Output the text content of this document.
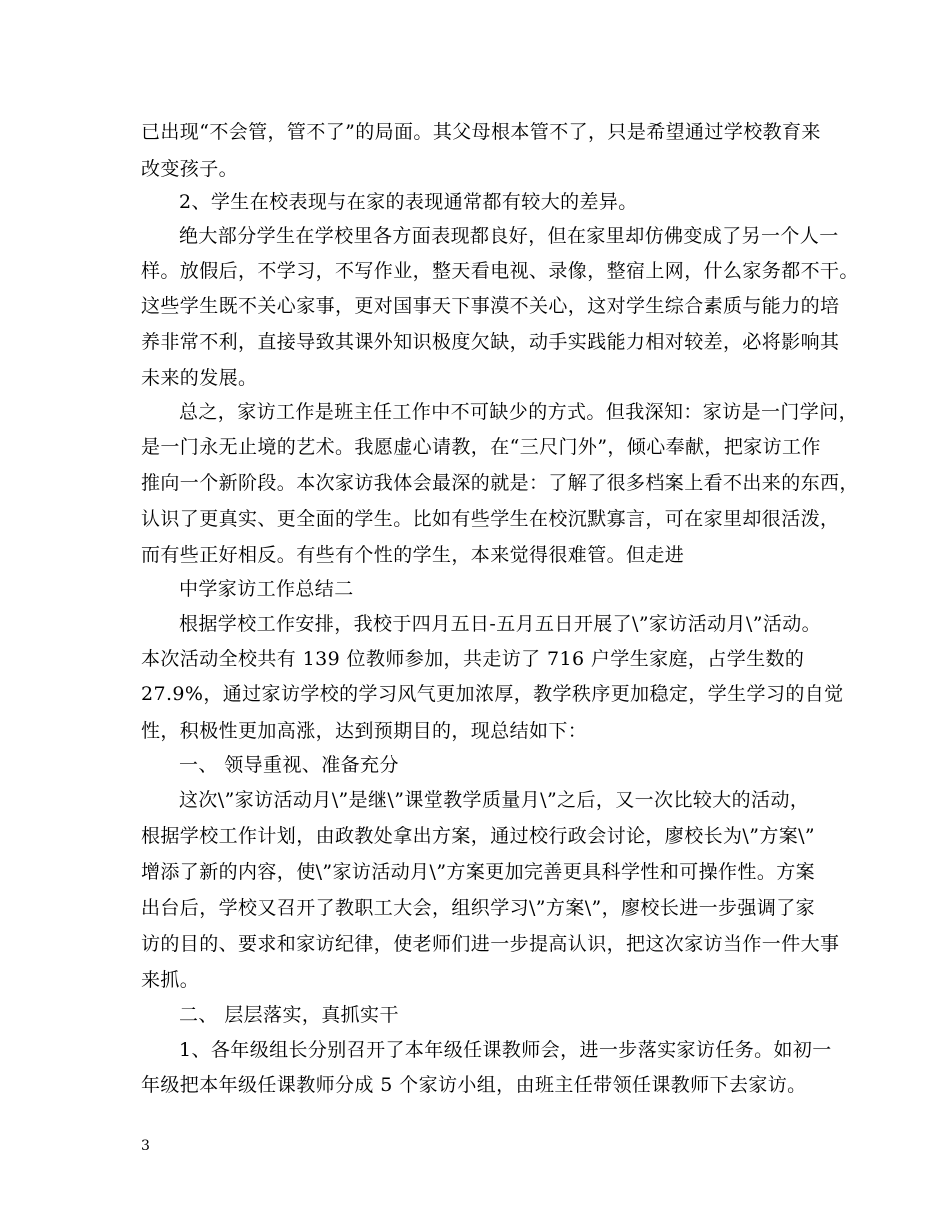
已出现“不会管，管不了”的局面。其父母根本管不了，只是希望通过学校教育来
改变孩子。
2、学生在校表现与在家的表现通常都有较大的差异。
绝大部分学生在学校里各方面表现都良好，但在家里却仿佛变成了另一个人一
样。放假后，不学习，不写作业，整天看电视、录像，整宿上网，什么家务都不干。
这些学生既不关心家事，更对国事天下事漠不关心，这对学生综合素质与能力的培
养非常不利，直接导致其课外知识极度欠缺，动手实践能力相对较差，必将影响其
未来的发展。
总之，家访工作是班主任工作中不可缺少的方式。但我深知：家访是一门学问，
是一门永无止境的艺术。我愿虚心请教，在“三尺门外”，倾心奉献，把家访工作
推向一个新阶段。本次家访我体会最深的就是：了解了很多档案上看不出来的东西，
认识了更真实、更全面的学生。比如有些学生在校沉默寡言，可在家里却很活泼，
而有些正好相反。有些有个性的学生，本来觉得很难管。但走进
中学家访工作总结二
根据学校工作安排，我校于四月五日-五月五日开展了\”家访活动月\”活动。
本次活动全校共有 139 位教师参加，共走访了 716 户学生家庭，占学生数的
27.9%，通过家访学校的学习风气更加浓厚，教学秩序更加稳定，学生学习的自觉
性，积极性更加高涨，达到预期目的，现总结如下：
一、 领导重视、准备充分
这次\”家访活动月\”是继\”课堂教学质量月\”之后，又一次比较大的活动，
根据学校工作计划，由政教处拿出方案，通过校行政会讨论，廖校长为\”方案\”
增添了新的内容，使\”家访活动月\”方案更加完善更具科学性和可操作性。方案
出台后，学校又召开了教职工大会，组织学习\”方案\”，廖校长进一步强调了家
访的目的、要求和家访纪律，使老师们进一步提高认识，把这次家访当作一件大事
来抓。
二、 层层落实，真抓实干
1、各年级组长分别召开了本年级任课教师会，进一步落实家访任务。如初一
年级把本年级任课教师分成 5 个家访小组，由班主任带领任课教师下去家访。
3
